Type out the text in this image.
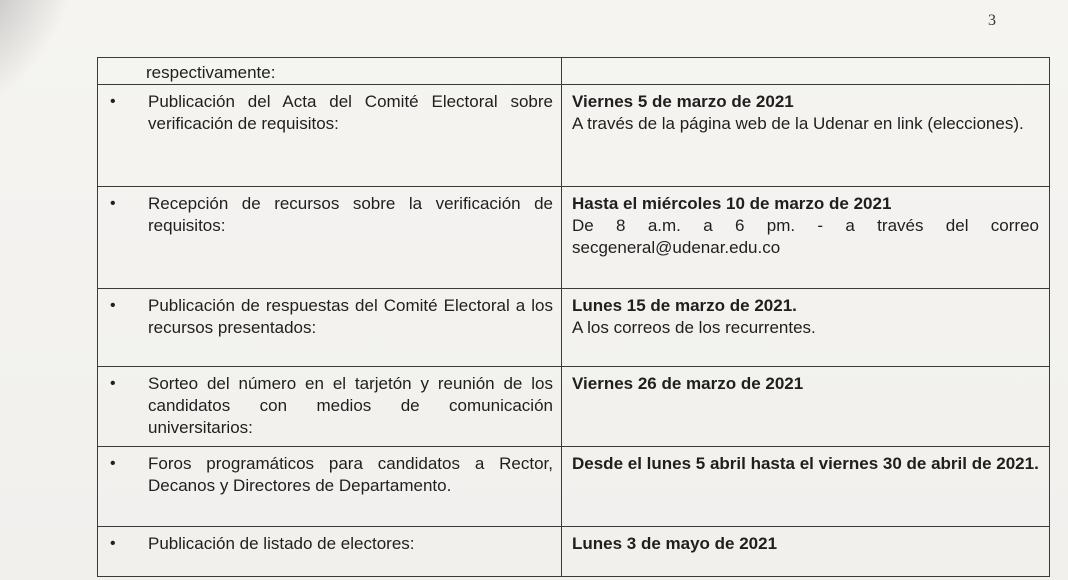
3
respectivamente:	

• Publicación del Acta del Comité Electoral sobre verificación de requisitos:	Viernes 5 de marzo de 2021
A través de la página web de la Udenar en link (elecciones).

• Recepción de recursos sobre la verificación de requisitos:	Hasta el miércoles 10 de marzo de 2021
De 8 a.m. a 6 pm. - a través del correo secgeneral@udenar.edu.co

• Publicación de respuestas del Comité Electoral a los recursos presentados:	Lunes 15 de marzo de 2021.
A los correos de los recurrentes.

• Sorteo del número en el tarjetón y reunión de los candidatos con medios de comunicación universitarios:	Viernes 26 de marzo de 2021

• Foros programáticos para candidatos a Rector, Decanos y Directores de Departamento.	Desde el lunes 5 abril hasta el viernes 30 de abril de 2021.

• Publicación de listado de electores:	Lunes 3 de mayo de 2021
